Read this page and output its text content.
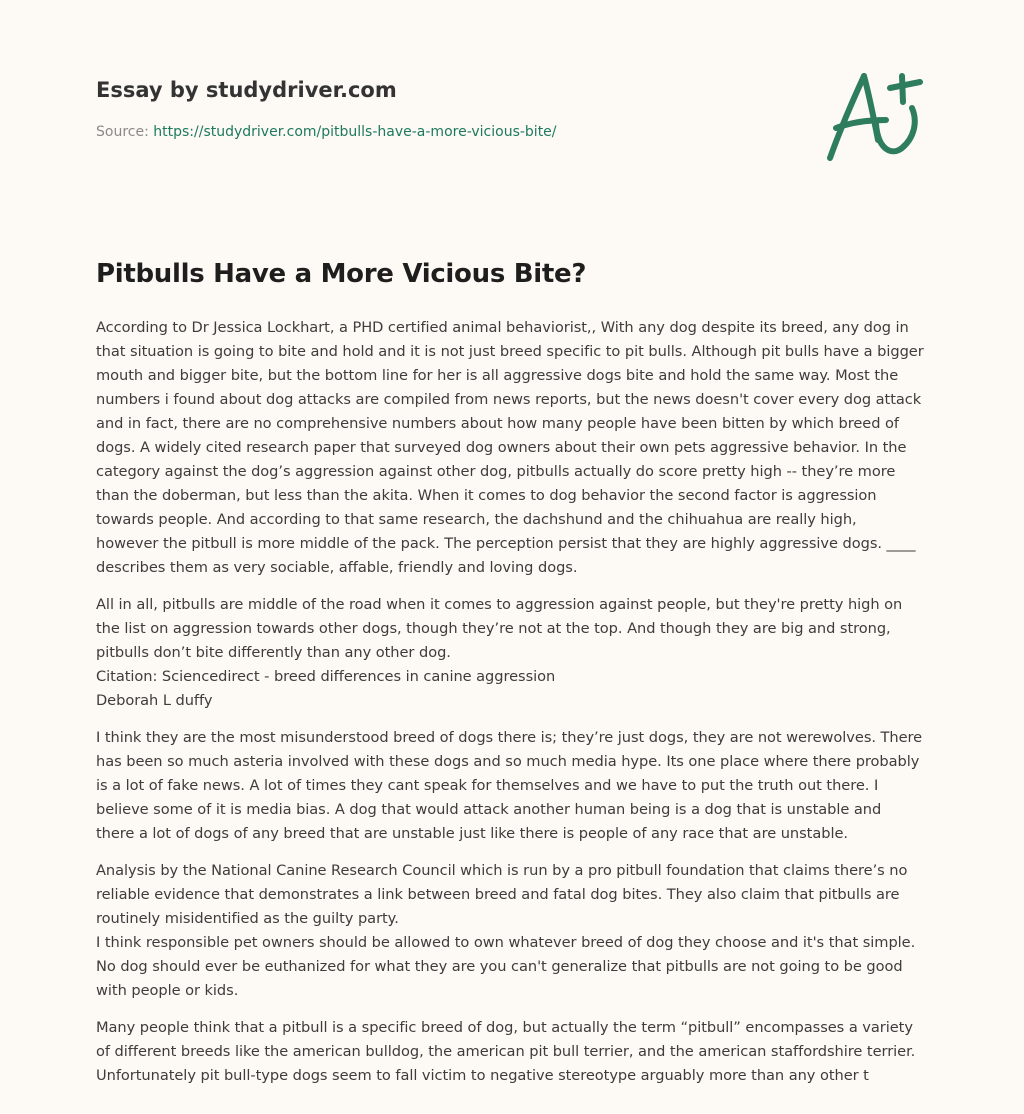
Essay by studydriver.com
Source: https://studydriver.com/pitbulls-have-a-more-vicious-bite/
Pitbulls Have a More Vicious Bite?

According to Dr Jessica Lockhart, a PHD certified animal behaviorist,, With any dog despite its breed, any dog in
that situation is going to bite and hold and it is not just breed specific to pit bulls. Although pit bulls have a bigger
mouth and bigger bite, but the bottom line for her is all aggressive dogs bite and hold the same way. Most the
numbers i found about dog attacks are compiled from news reports, but the news doesn't cover every dog attack
and in fact, there are no comprehensive numbers about how many people have been bitten by which breed of
dogs. A widely cited research paper that surveyed dog owners about their own pets aggressive behavior. In the
category against the dog’s aggression against other dog, pitbulls actually do score pretty high -- they’re more
than the doberman, but less than the akita. When it comes to dog behavior the second factor is aggression
towards people. And according to that same research, the dachshund and the chihuahua are really high,
however the pitbull is more middle of the pack. The perception persist that they are highly aggressive dogs. ____
describes them as very sociable, affable, friendly and loving dogs.

All in all, pitbulls are middle of the road when it comes to aggression against people, but they're pretty high on
the list on aggression towards other dogs, though they’re not at the top. And though they are big and strong,
pitbulls don’t bite differently than any other dog.
Citation: Sciencedirect - breed differences in canine aggression
Deborah L duffy

I think they are the most misunderstood breed of dogs there is; they’re just dogs, they are not werewolves. There
has been so much asteria involved with these dogs and so much media hype. Its one place where there probably
is a lot of fake news. A lot of times they cant speak for themselves and we have to put the truth out there. I
believe some of it is media bias. A dog that would attack another human being is a dog that is unstable and
there a lot of dogs of any breed that are unstable just like there is people of any race that are unstable.

Analysis by the National Canine Research Council which is run by a pro pitbull foundation that claims there’s no
reliable evidence that demonstrates a link between breed and fatal dog bites. They also claim that pitbulls are
routinely misidentified as the guilty party.
I think responsible pet owners should be allowed to own whatever breed of dog they choose and it's that simple.
No dog should ever be euthanized for what they are you can't generalize that pitbulls are not going to be good
with people or kids.

Many people think that a pitbull is a specific breed of dog, but actually the term “pitbull” encompasses a variety
of different breeds like the american bulldog, the american pit bull terrier, and the american staffordshire terrier.
Unfortunately pit bull-type dogs seem to fall victim to negative stereotype arguably more than any other t
